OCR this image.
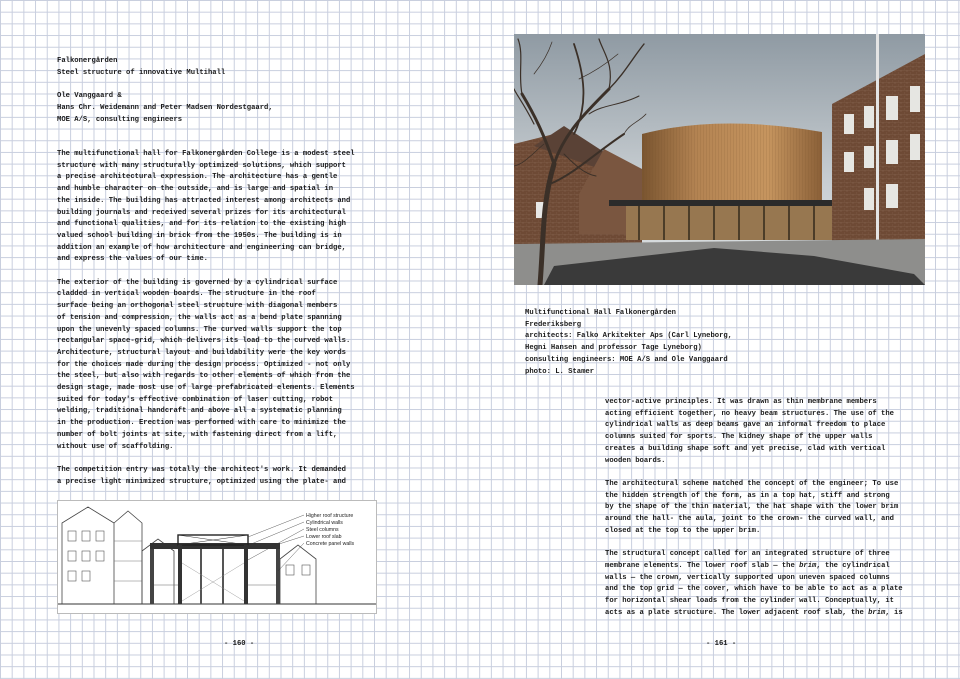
Falkonergården
Steel structure of innovative Multihall
Ole Vanggaard &
Hans Chr. Weidemann and Peter Madsen Nordestgaard,
MOE A/S, consulting engineers

The multifunctional hall for Falkonergården College is a modest steel
structure with many structurally optimized solutions, which support
a precise architectural expression. The architecture has a gentle
and humble character on the outside, and is large and spatial in
the inside. The building has attracted interest among architects and
building journals and received several prizes for its architectural
and functional qualities, and for its relation to the existing high
valued school building in brick from the 1950s. The building is in
addition an example of how architecture and engineering can bridge,
and express the values of our time.

The exterior of the building is governed by a cylindrical surface
cladded in vertical wooden boards. The structure in the roof
surface being an orthogonal steel structure with diagonal members
of tension and compression, the walls act as a bend plate spanning
upon the unevenly spaced columns. The curved walls support the top
rectangular space-grid, which delivers its load to the curved walls.
Architecture, structural layout and buildability were the key words
for the choices made during the design process. Optimized - not only
the steel, but also with regards to other elements of which from the
design stage, made most use of large prefabricated elements. Elements
suited for today's effective combination of laser cutting, robot
welding, traditional handcraft and above all a systematic planning
in the production. Erection was performed with care to minimize the
number of bolt joints at site, with fastening direct from a lift,
without use of scaffolding.

The competition entry was totally the architect's work. It demanded
a precise light minimized structure, optimized using the plate- and

Higher roof structure
Cylindrical walls
Steel columns
Lower roof slab
Concrete panel walls
- 160 -
Multifunctional Hall Falkonergården
Frederiksberg
architects: Falko Arkitekter Aps (Carl Lyneborg,
Hegni Hansen and professor Tage Lyneborg)
consulting engineers: MOE A/S and Ole Vanggaard
photo: L. Stamer

vector-active principles. It was drawn as thin membrane members
acting efficient together, no heavy beam structures. The use of the
cylindrical walls as deep beams gave an informal freedom to place
columns suited for sports. The kidney shape of the upper walls
creates a building shape soft and yet precise, clad with vertical
wooden boards.

The architectural scheme matched the concept of the engineer; To use
the hidden strength of the form, as in a top hat, stiff and strong
by the shape of the thin material, the hat shape with the lower brim
around the hall- the aula, joint to the crown- the curved wall, and
closed at the top to the upper brim.

The structural concept called for an integrated structure of three
membrane elements. The lower roof slab — the brim, the cylindrical
walls — the crown, vertically supported upon uneven spaced columns
and the top grid — the cover, which have to be able to act as a plate
for horizontal shear loads from the cylinder wall. Conceptually, it
acts as a plate structure. The lower adjacent roof slab, the brim, is

- 161 -
